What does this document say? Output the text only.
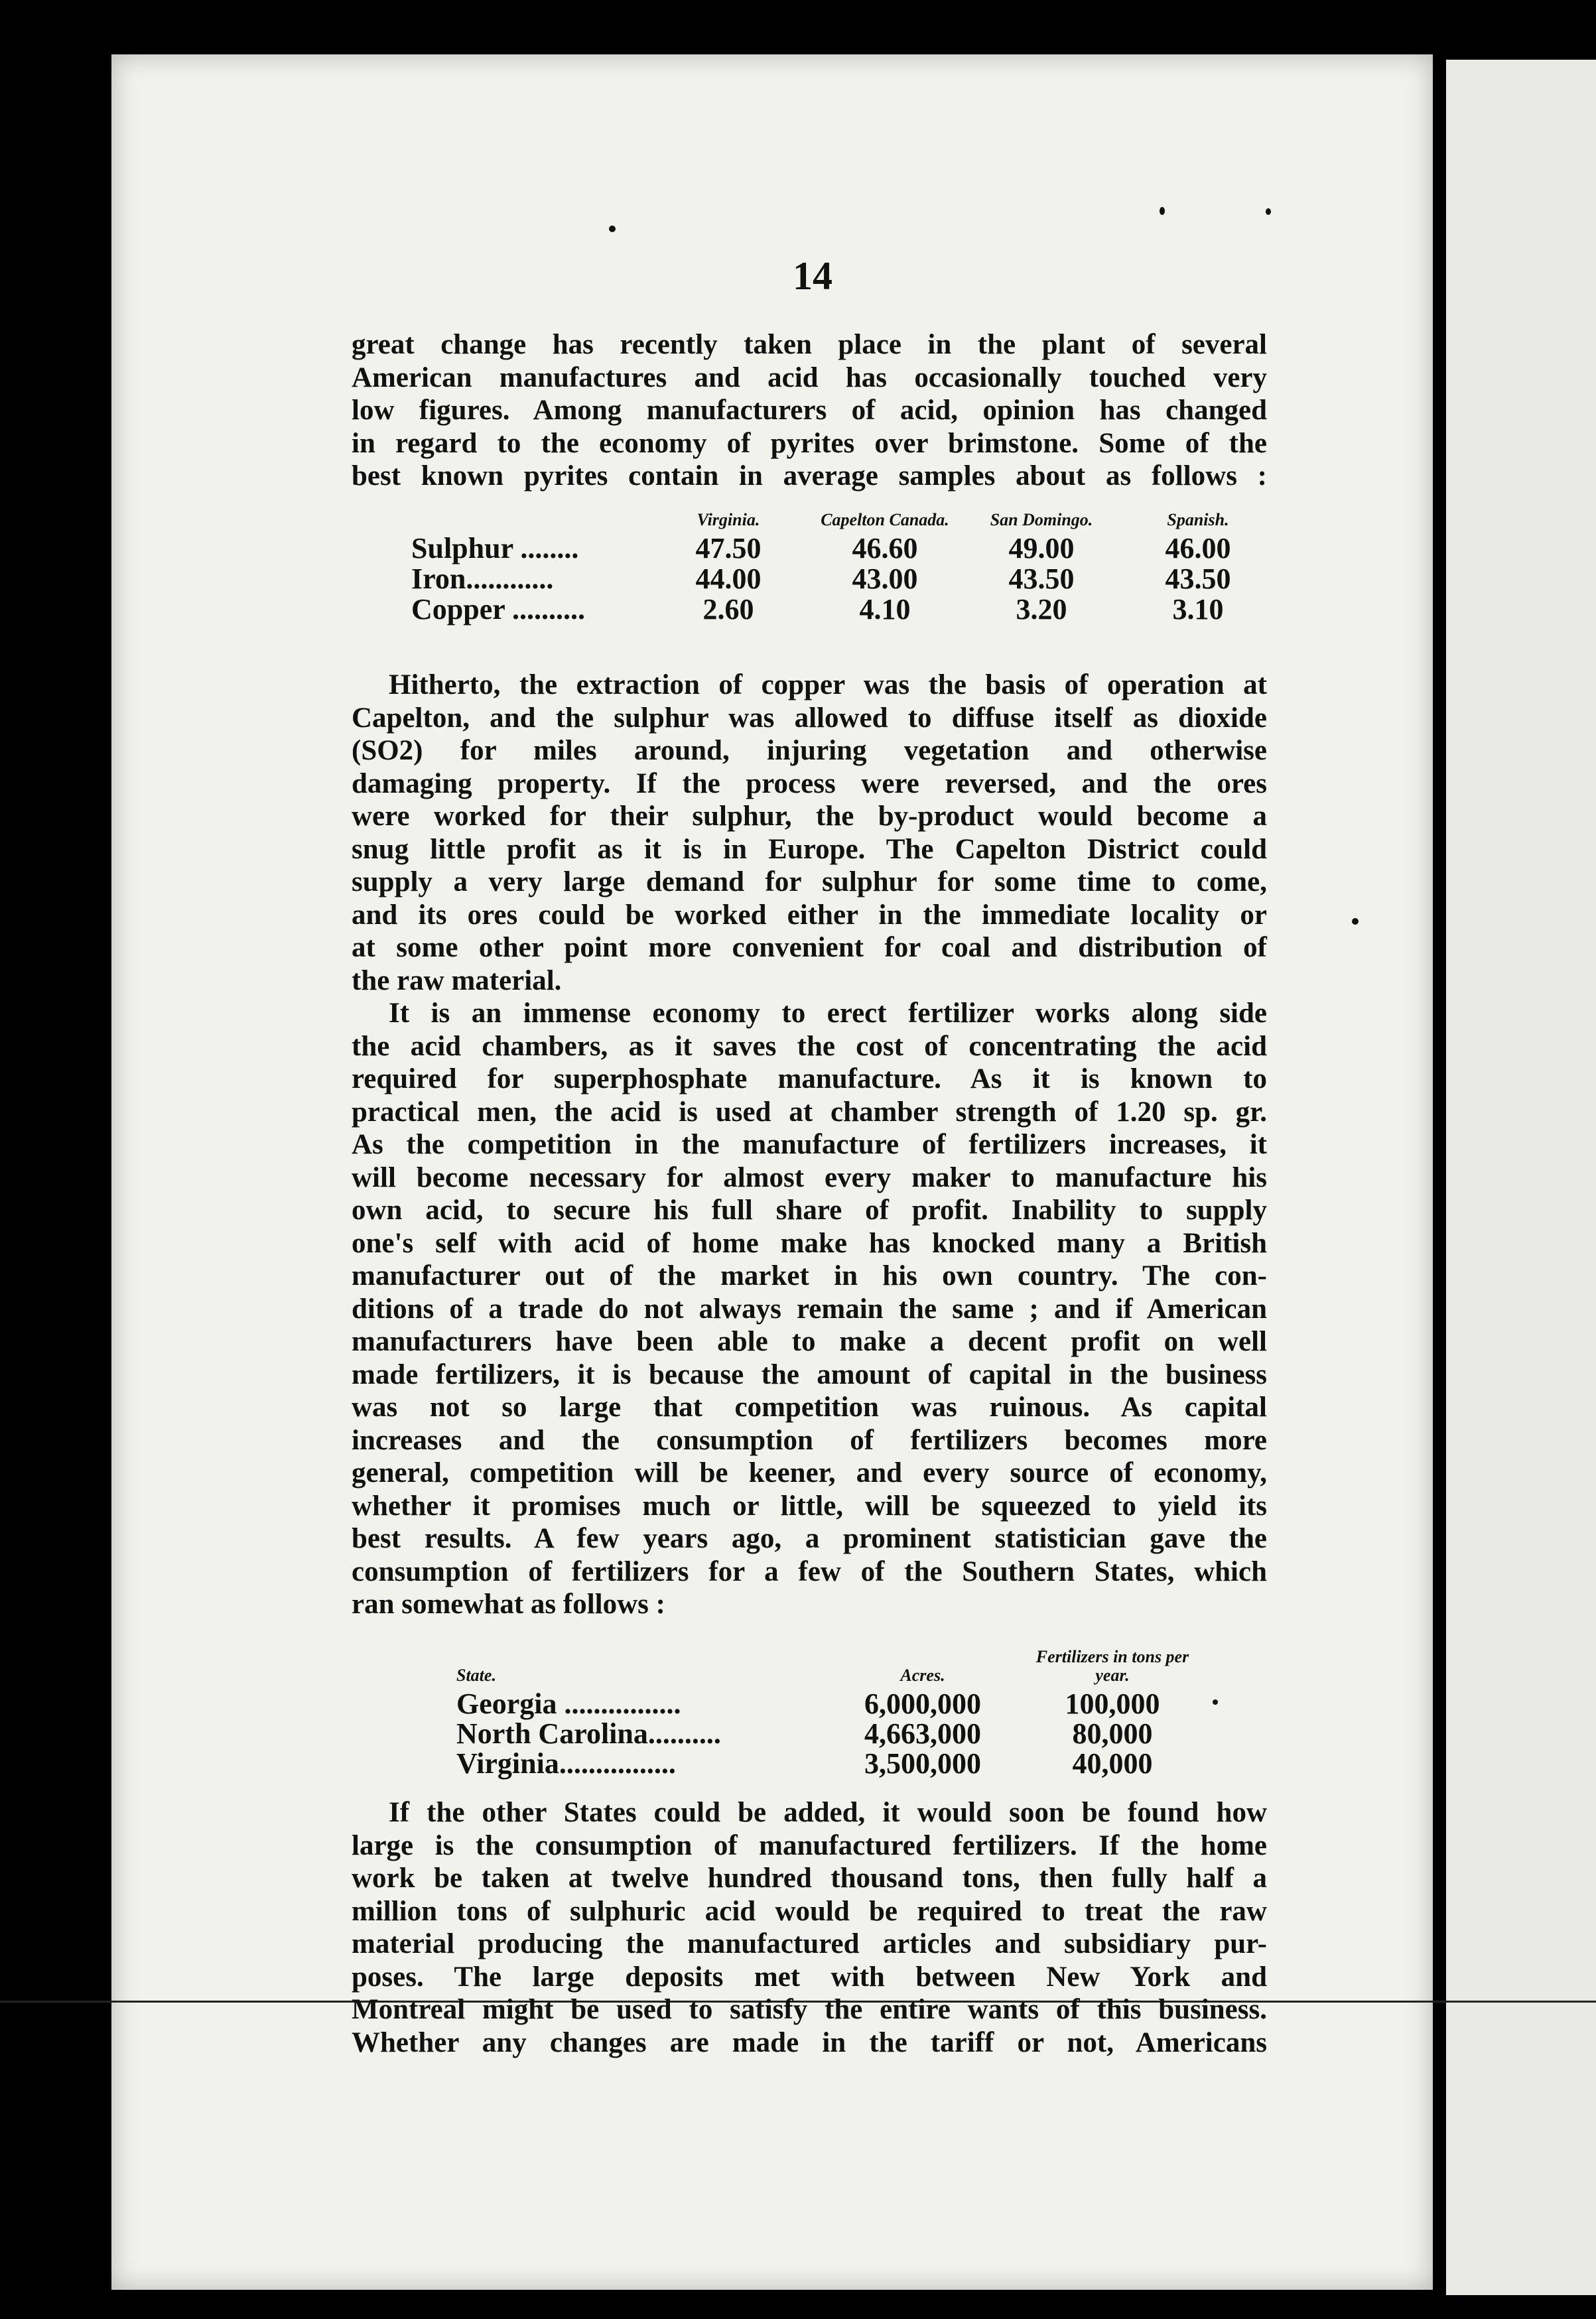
14
great change has recently taken place in the plant of several
American manufactures and acid has occasionally touched very
low figures. Among manufacturers of acid, opinion has changed
in regard to the economy of pyrites over brimstone. Some of the
best known pyrites contain in average samples about as follows :
	Virginia.	Capelton Canada.	San Domingo.	Spanish.
Sulphur ........	47.50	46.60	49.00	46.00
Iron............	44.00	43.00	43.50	43.50
Copper ..........	2.60	4.10	3.20	3.10
Hitherto, the extraction of copper was the basis of operation at
Capelton, and the sulphur was allowed to diffuse itself as dioxide
(SO2) for miles around, injuring vegetation and otherwise
damaging property. If the process were reversed, and the ores
were worked for their sulphur, the by-product would become a
snug little profit as it is in Europe. The Capelton District could
supply a very large demand for sulphur for some time to come,
and its ores could be worked either in the immediate locality or
at some other point more convenient for coal and distribution of
the raw material.
It is an immense economy to erect fertilizer works along side
the acid chambers, as it saves the cost of concentrating the acid
required for superphosphate manufacture. As it is known to
practical men, the acid is used at chamber strength of 1.20 sp. gr.
As the competition in the manufacture of fertilizers increases, it
will become necessary for almost every maker to manufacture his
own acid, to secure his full share of profit. Inability to supply
one's self with acid of home make has knocked many a British
manufacturer out of the market in his own country. The con-
ditions of a trade do not always remain the same ; and if American
manufacturers have been able to make a decent profit on well
made fertilizers, it is because the amount of capital in the business
was not so large that competition was ruinous. As capital
increases and the consumption of fertilizers becomes more
general, competition will be keener, and every source of economy,
whether it promises much or little, will be squeezed to yield its
best results. A few years ago, a prominent statistician gave the
consumption of fertilizers for a few of the Southern States, which
ran somewhat as follows :
State.	Acres.	Fertilizers in tons per year.
Georgia ................	6,000,000	100,000
North Carolina..........	4,663,000	80,000
Virginia................	3,500,000	40,000
If the other States could be added, it would soon be found how
large is the consumption of manufactured fertilizers. If the home
work be taken at twelve hundred thousand tons, then fully half a
million tons of sulphuric acid would be required to treat the raw
material producing the manufactured articles and subsidiary pur-
poses. The large deposits met with between New York and
Montreal might be used to satisfy the entire wants of this business.
Whether any changes are made in the tariff or not, Americans
